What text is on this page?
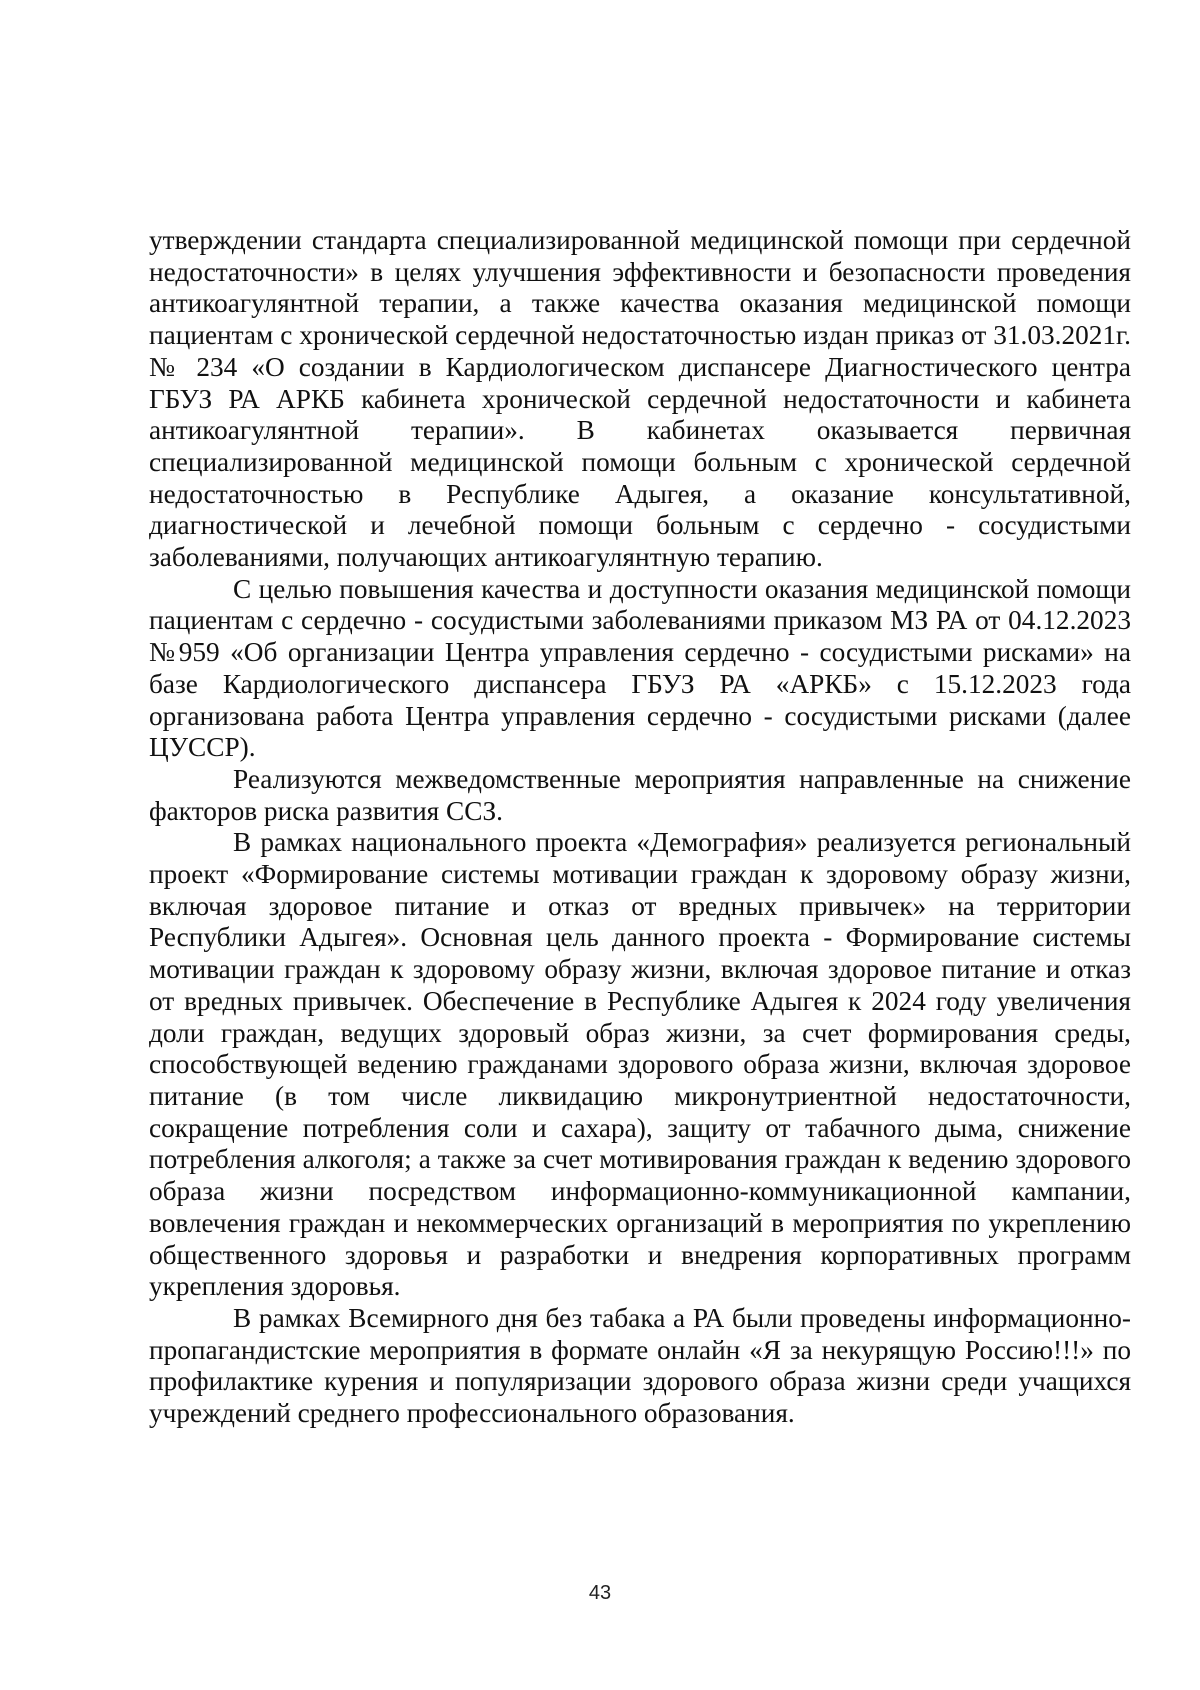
утверждении стандарта специализированной медицинской помощи при сердечной недостаточности» в целях улучшения эффективности и безопасности проведения антикоагулянтной терапии, а также качества оказания медицинской помощи пациентам с хронической сердечной недостаточностью издан приказ от 31.03.2021г. № 234 «О создании в Кардиологическом диспансере Диагностического центра ГБУЗ РА АРКБ кабинета хронической сердечной недостаточности и кабинета антикоагулянтной терапии». В кабинетах оказывается первичная специализированной медицинской помощи больным с хронической сердечной недостаточностью в Республике Адыгея, а оказание консультативной, диагностической и лечебной помощи больным с сердечно - сосудистыми заболеваниями, получающих антикоагулянтную терапию.

С целью повышения качества и доступности оказания медицинской помощи пациентам с сердечно - сосудистыми заболеваниями приказом МЗ РА от 04.12.2023 №959 «Об организации Центра управления сердечно - сосудистыми рисками» на базе Кардиологического диспансера ГБУЗ РА «АРКБ» с 15.12.2023 года организована работа Центра управления сердечно - сосудистыми рисками (далее ЦУССР).

Реализуются межведомственные мероприятия направленные на снижение факторов риска развития ССЗ.

В рамках национального проекта «Демография» реализуется региональный проект «Формирование системы мотивации граждан к здоровому образу жизни, включая здоровое питание и отказ от вредных привычек» на территории Республики Адыгея». Основная цель данного проекта - Формирование системы мотивации граждан к здоровому образу жизни, включая здоровое питание и отказ от вредных привычек. Обеспечение в Республике Адыгея к 2024 году увеличения доли граждан, ведущих здоровый образ жизни, за счет формирования среды, способствующей ведению гражданами здорового образа жизни, включая здоровое питание (в том числе ликвидацию микронутриентной недостаточности, сокращение потребления соли и сахара), защиту от табачного дыма, снижение потребления алкоголя; а также за счет мотивирования граждан к ведению здорового образа жизни посредством информационно-коммуникационной кампании, вовлечения граждан и некоммерческих организаций в мероприятия по укреплению общественного здоровья и разработки и внедрения корпоративных программ укрепления здоровья.

В рамках Всемирного дня без табака а РА были проведены информационно-пропагандистские мероприятия в формате онлайн «Я за некурящую Россию!!!» по профилактике курения и популяризации здорового образа жизни среди учащихся учреждений среднего профессионального образования.

43
